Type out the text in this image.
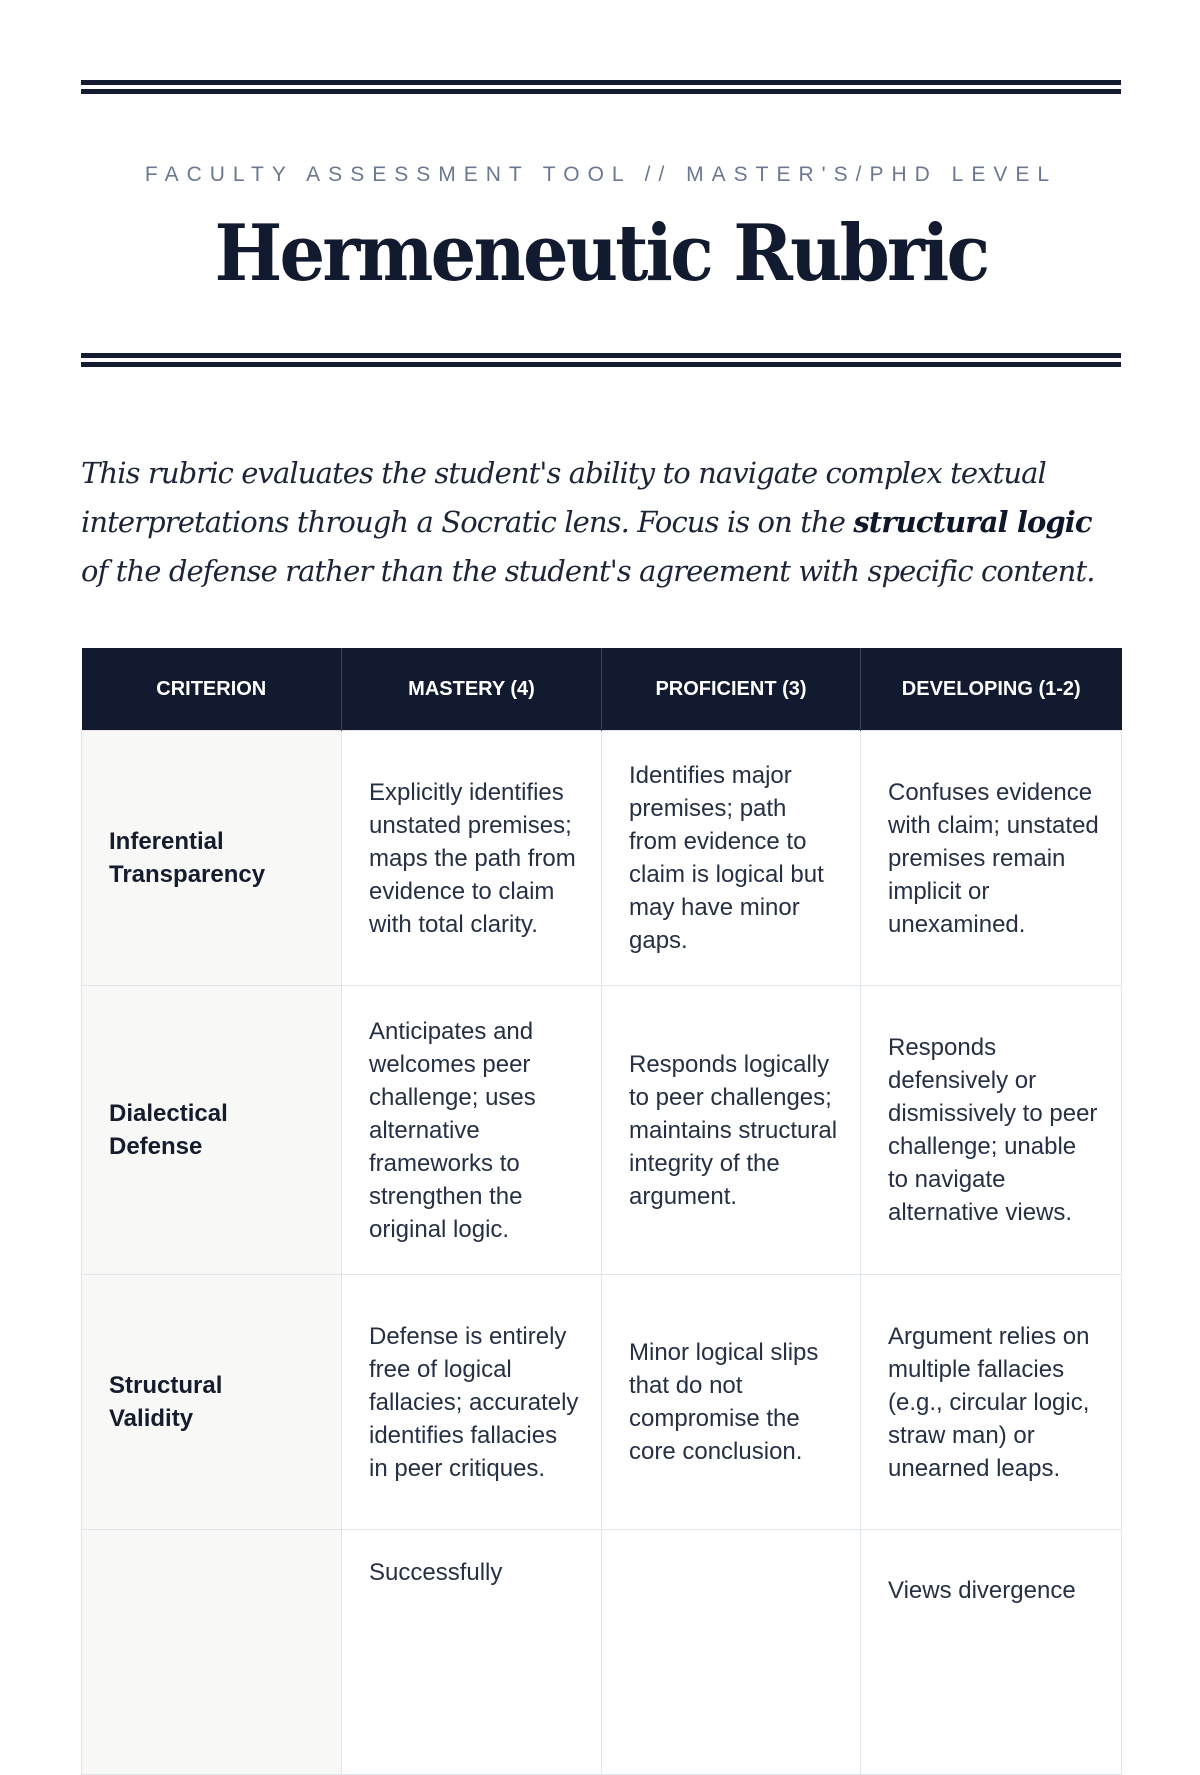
FACULTY ASSESSMENT TOOL // MASTER'S/PHD LEVEL
Hermeneutic Rubric

This rubric evaluates the student's ability to navigate complex textual interpretations through a Socratic lens. Focus is on the structural logic of the defense rather than the student's agreement with specific content.

CRITERION	MASTERY (4)	PROFICIENT (3)	DEVELOPING (1-2)
Inferential Transparency	Explicitly identifies unstated premises; maps the path from evidence to claim with total clarity.	Identifies major premises; path from evidence to claim is logical but may have minor gaps.	Confuses evidence with claim; unstated premises remain implicit or unexamined.
Dialectical Defense	Anticipates and welcomes peer challenge; uses alternative frameworks to strengthen the original logic.	Responds logically to peer challenges; maintains structural integrity of the argument.	Responds defensively or dismissively to peer challenge; unable to navigate alternative views.
Structural Validity	Defense is entirely free of logical fallacies; accurately identifies fallacies in peer critiques.	Minor logical slips that do not compromise the core conclusion.	Argument relies on multiple fallacies (e.g., circular logic, straw man) or unearned leaps.
	Successfully		Views divergence
